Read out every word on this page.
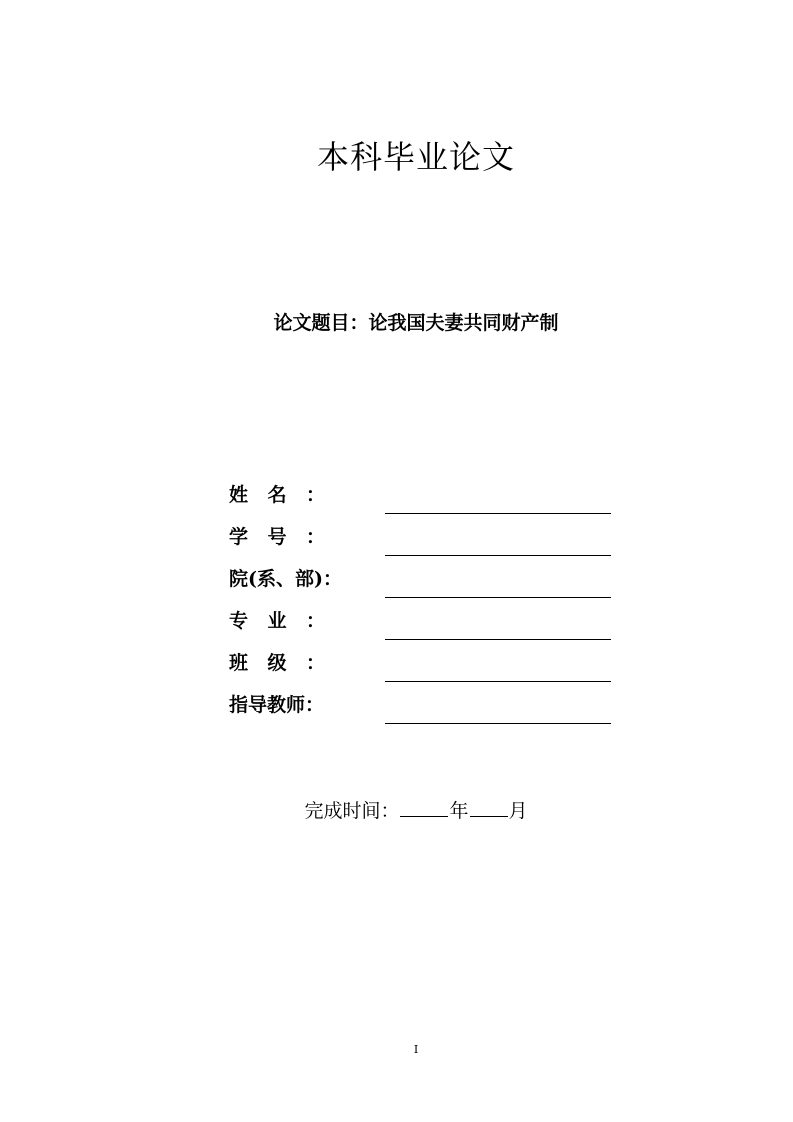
本科毕业论文
论文题目：论我国夫妻共同财产制
姓名：
学号：
院(系、部)：
专业：
班级：
指导教师：
完成时间：	年 月
I
